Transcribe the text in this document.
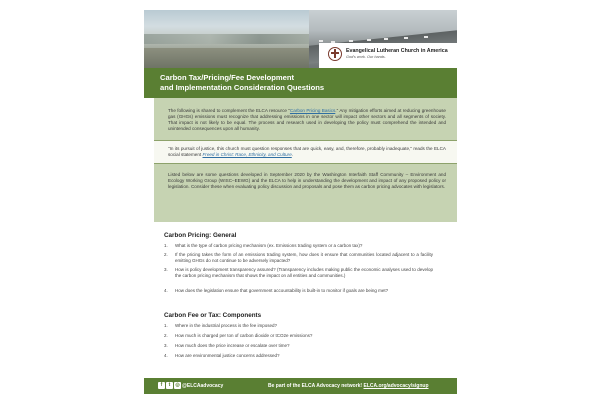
Evangelical Lutheran Church in America
God's work. Our hands.
Carbon Tax/Pricing/Fee Development
and Implementation Consideration Questions
The following is shared to complement the ELCA resource "Carbon Pricing Basics." Any mitigation efforts aimed at reducing greenhouse gas (GHGs) emissions must recognize that addressing emissions in one sector will impact other sectors and all segments of society. That impact is not likely to be equal. The process and research used in developing the policy must comprehend the intended and unintended consequences upon all humanity.
"In its pursuit of justice, this church must question responses that are quick, easy, and, therefore, probably inadequate," reads the ELCA social statement Freed in Christ: Race, Ethnicity, and Culture.
Listed below are some questions developed in September 2020 by the Washington Interfaith Staff Community – Environment and Ecology Working Group (WISC–EEWG) and the ELCA to help in understanding the development and impact of any proposed policy or legislation. Consider these when evaluating policy discussion and proposals and pose them as carbon pricing advocates with legislators.
Carbon Pricing: General
1. What is the type of carbon pricing mechanism (ex. Emissions trading system or a carbon tax)?
2. If the pricing takes the form of an emissions trading system, how does it ensure that communities located adjacent to a facility emitting GHGs do not continue to be adversely impacted?
3. How is policy development transparency assured? (Transparency includes making public the economic analyses used to develop the carbon pricing mechanism that shows the impact on all entities and communities.)
4. How does the legislation ensure that government accountability is built-in to monitor if goals are being met?
Carbon Fee or Tax: Components
1. Where in the industrial process is the fee imposed?
2. How much is charged per ton of carbon dioxide or tCO2e emissions?
3. How much does the price increase or escalate over time?
4. How are environmental justice concerns addressed?
f	t ◎ @ELCAadvocacy	Be part of the ELCA Advocacy network! ELCA.org/advocacy/signup
